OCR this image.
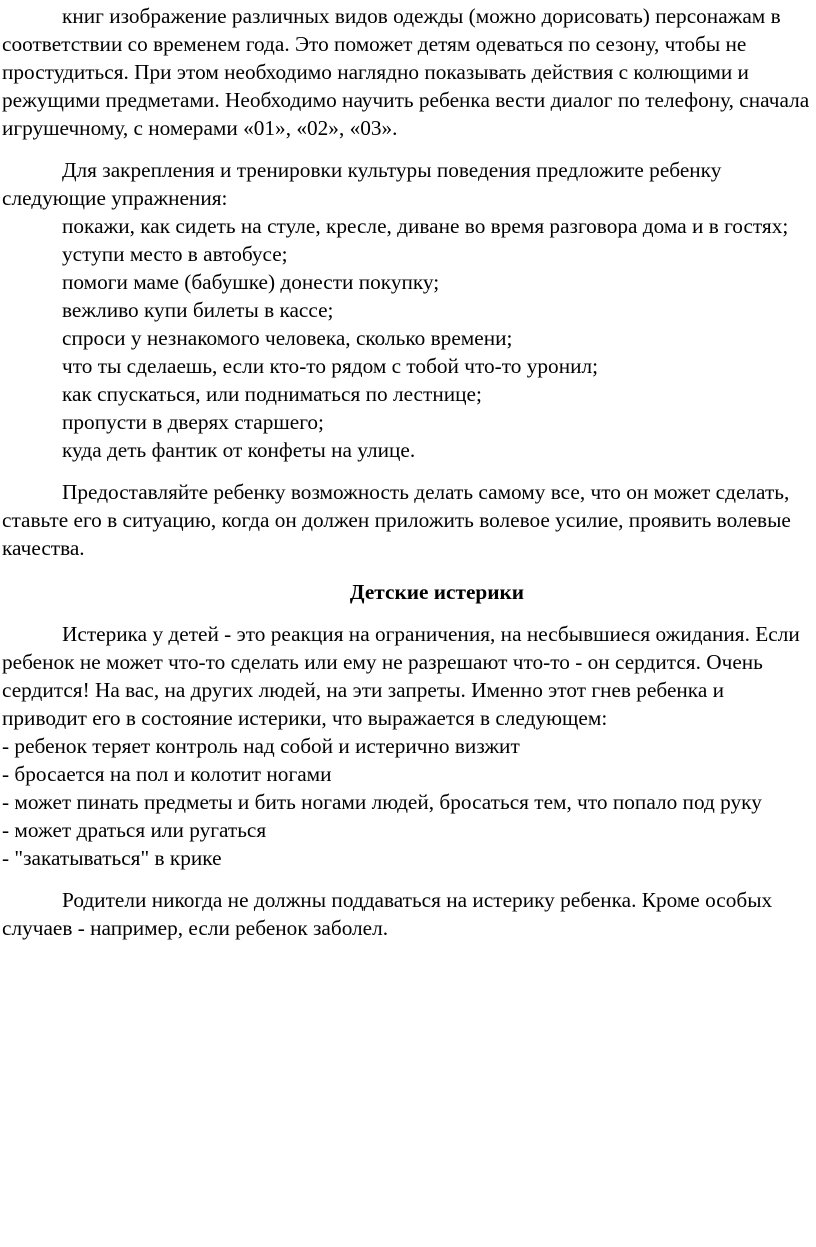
книг изображение различных видов одежды (можно дорисовать) персонажам в соответствии со временем года. Это поможет детям одеваться по сезону, чтобы не простудиться. При этом необходимо наглядно показывать действия с колющими и режущими предметами. Необходимо научить ребенка вести диалог по телефону, сначала игрушечному, с номерами «01», «02», «03».

Для закрепления и тренировки культуры поведения предложите ребенку следующие упражнения:

покажи, как сидеть на стуле, кресле, диване во время разговора дома и в гостях;

уступи место в автобусе;

помоги маме (бабушке) донести покупку;

вежливо купи билеты в кассе;

спроси у незнакомого человека, сколько времени;

что ты сделаешь, если кто-то рядом с тобой что-то уронил;

как спускаться, или подниматься по лестнице;

пропусти в дверях старшего;

куда деть фантик от конфеты на улице.

Предоставляйте ребенку возможность делать самому все, что он может сделать, ставьте его в ситуацию, когда он должен приложить волевое усилие, проявить волевые качества.

Детские истерики

Истерика у детей - это реакция на ограничения, на несбывшиеся ожидания. Если ребенок не может что-то сделать или ему не разрешают что-то - он сердится. Очень сердится! На вас, на других людей, на эти запреты. Именно этот гнев ребенка и приводит его в состояние истерики, что выражается в следующем:

- ребенок теряет контроль над собой и истерично визжит

- бросается на пол и колотит ногами

- может пинать предметы и бить ногами людей, бросаться тем, что попало под руку

- может драться или ругаться

- "закатываться" в крике

Родители никогда не должны поддаваться на истерику ребенка. Кроме особых случаев - например, если ребенок заболел.
